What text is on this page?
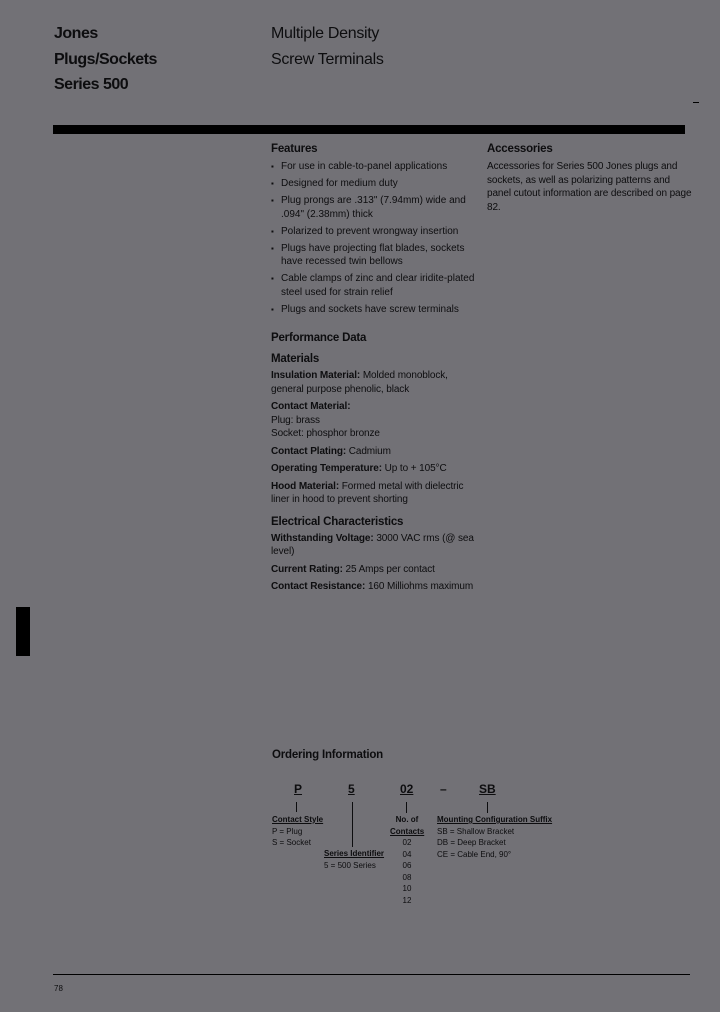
Jones
Plugs/Sockets
Series 500
Multiple Density
Screw Terminals
Features
▪ For use in cable-to-panel applications
▪ Designed for medium duty
▪ Plug prongs are .313" (7.94mm) wide and .094" (2.38mm) thick
▪ Polarized to prevent wrongway insertion
▪ Plugs have projecting flat blades, sockets have recessed twin bellows
▪ Cable clamps of zinc and clear iridite-plated steel used for strain relief
▪ Plugs and sockets have screw terminals
Accessories

Accessories for Series 500 Jones plugs and sockets, as well as polarizing patterns and panel cutout information are described on page 82.

Performance Data
Materials
Insulation Material: Molded monoblock, general purpose phenolic, black
Contact Material:
Plug: brass
Socket: phosphor bronze
Contact Plating: Cadmium
Operating Temperature: Up to + 105°C
Hood Material: Formed metal with dielectric liner in hood to prevent shorting
Electrical Characteristics
Withstanding Voltage: 3000 VAC rms (@ sea level)
Current Rating: 25 Amps per contact
Contact Resistance: 160 Milliohms maximum
Ordering Information
P	5	02 –	SB
Contact Style
P = Plug
S = Socket
Series Identifier
5 = 500 Series
No. of
Contacts
02
04
06
08
10
12
Mounting Configuration Suffix
SB = Shallow Bracket
DB = Deep Bracket
CE = Cable End, 90°
78
